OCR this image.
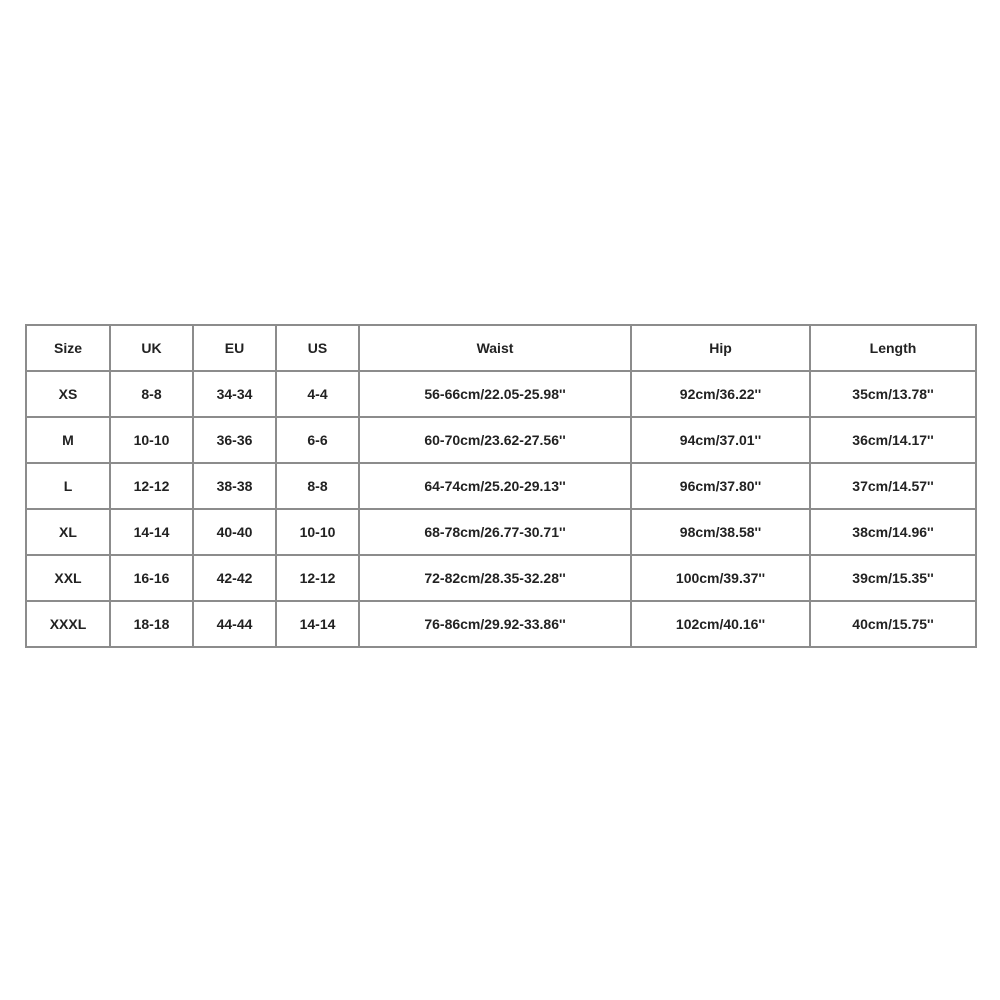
Size	UK	EU	US	Waist	Hip	Length
XS	8-8	34-34	4-4	56-66cm/22.05-25.98''	92cm/36.22''	35cm/13.78''
M	10-10	36-36	6-6	60-70cm/23.62-27.56''	94cm/37.01''	36cm/14.17''
L	12-12	38-38	8-8	64-74cm/25.20-29.13''	96cm/37.80''	37cm/14.57''
XL	14-14	40-40	10-10	68-78cm/26.77-30.71''	98cm/38.58''	38cm/14.96''
XXL	16-16	42-42	12-12	72-82cm/28.35-32.28''	100cm/39.37''	39cm/15.35''
XXXL	18-18	44-44	14-14	76-86cm/29.92-33.86''	102cm/40.16''	40cm/15.75''
